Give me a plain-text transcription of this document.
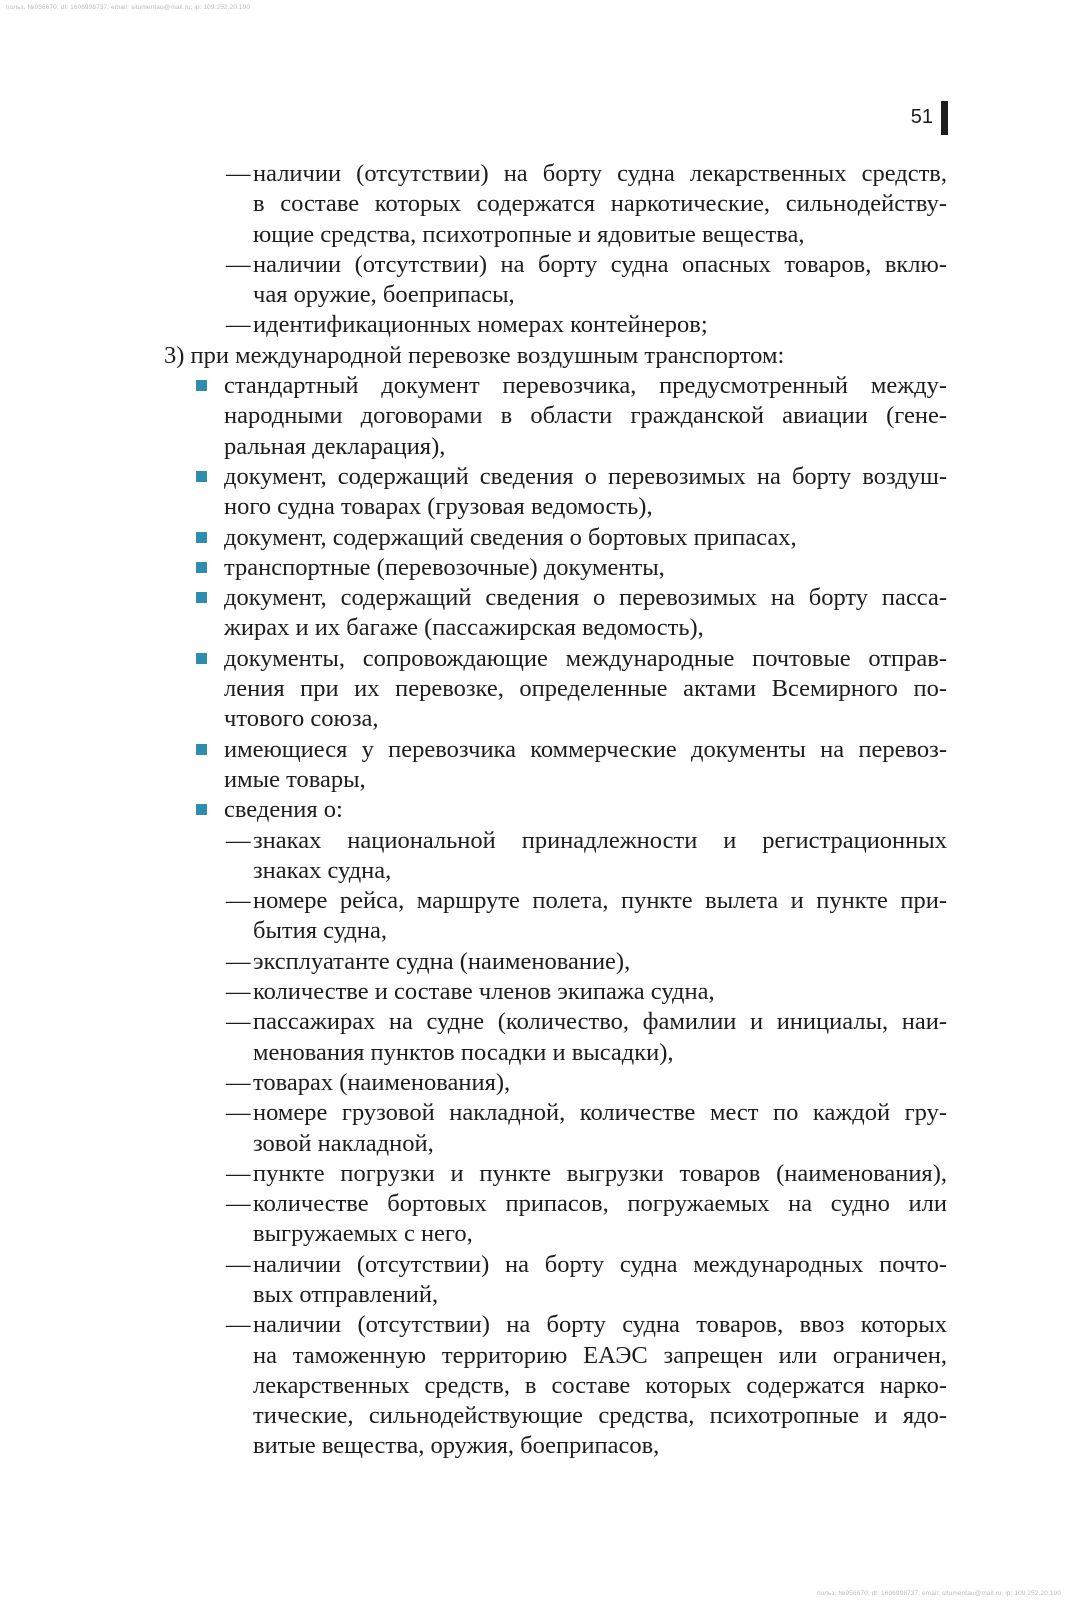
польз. №956670; dt: 1606998737; email: situmentau@mail.ru; ip: 109.252.20.190
51
— наличии (отсутствии) на борту судна лекарственных средств,
в составе которых содержатся наркотические, сильнодейству-
ющие средства, психотропные и ядовитые вещества,
— наличии (отсутствии) на борту судна опасных товаров, вклю-
чая оружие, боеприпасы,
— идентификационных номерах контейнеров;
3) при международной перевозке воздушным транспортом:
стандартный документ перевозчика, предусмотренный между-
народными договорами в области гражданской авиации (гене-
ральная декларация),
документ, содержащий сведения о перевозимых на борту воздуш-
ного судна товарах (грузовая ведомость),
документ, содержащий сведения о бортовых припасах,
транспортные (перевозочные) документы,
документ, содержащий сведения о перевозимых на борту пасса-
жирах и их багаже (пассажирская ведомость),
документы, сопровождающие международные почтовые отправ-
ления при их перевозке, определенные актами Всемирного по-
чтового союза,
имеющиеся у перевозчика коммерческие документы на перевоз-
имые товары,
сведения о:
— знаках национальной принадлежности и регистрационных
знаках судна,
— номере рейса, маршруте полета, пункте вылета и пункте при-
бытия судна,
— эксплуатанте судна (наименование),
— количестве и составе членов экипажа судна,
— пассажирах на судне (количество, фамилии и инициалы, наи-
менования пунктов посадки и высадки),
— товарах (наименования),
— номере грузовой накладной, количестве мест по каждой гру-
зовой накладной,
— пункте погрузки и пункте выгрузки товаров (наименования),
— количестве бортовых припасов, погружаемых на судно или
выгружаемых с него,
— наличии (отсутствии) на борту судна международных почто-
вых отправлений,
— наличии (отсутствии) на борту судна товаров, ввоз которых
на таможенную территорию ЕАЭС запрещен или ограничен,
лекарственных средств, в составе которых содержатся нарко-
тические, сильнодействующие средства, психотропные и ядо-
витые вещества, оружия, боеприпасов,
польз. №956670; dt: 1606998737; email: situmentau@mail.ru; ip: 109.252.20.190
